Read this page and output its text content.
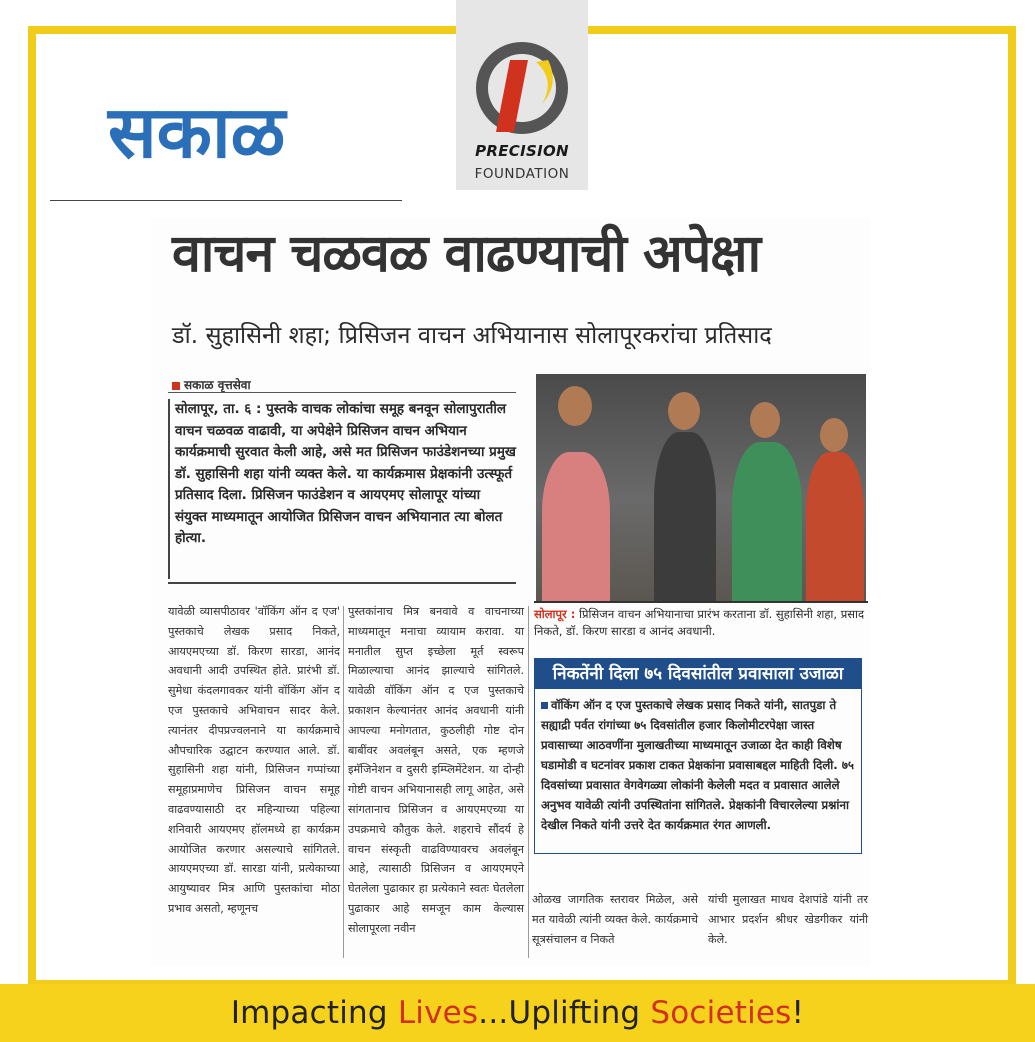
PRECISION
FOUNDATION
सकाळ
वाचन चळवळ वाढण्याची अपेक्षा
डॉ. सुहासिनी शहा; प्रिसिजन वाचन अभियानास सोलापूरकरांचा प्रतिसाद
सकाळ वृत्तसेवा
सोलापूर, ता. ६ : पुस्तके वाचक लोकांचा समूह बनवून सोलापुरातील वाचन चळवळ वाढावी, या अपेक्षेने प्रिसिजन वाचन अभियान कार्यक्रमाची सुरवात केली आहे, असे मत प्रिसिजन फाउंडेशनच्या प्रमुख डॉ. सुहासिनी शहा यांनी व्यक्त केले. या कार्यक्रमास प्रेक्षकांनी उत्स्फूर्त प्रतिसाद दिला. प्रिसिजन फाउंडेशन व आयएमए सोलापूर यांच्या संयुक्त माध्यमातून आयोजित प्रिसिजन वाचन अभियानात त्या बोलत होत्या.
सोलापूर : प्रिसिजन वाचन अभियानाचा प्रारंभ करताना डॉ. सुहासिनी शहा, प्रसाद निकते, डॉ. किरण सारडा व आनंद अवधानी.
निकतेंनी दिला ७५ दिवसांतील प्रवासाला उजाळा
वॉकिंग ऑन द एज पुस्तकाचे लेखक प्रसाद निकते यांनी, सातपुडा ते सह्याद्री पर्वत रांगांच्या ७५ दिवसांतील हजार किलोमीटरपेक्षा जास्त प्रवासाच्या आठवणींना मुलाखतीच्या माध्यमातून उजाळा देत काही विशेष घडामोडी व घटनांवर प्रकाश टाकत प्रेक्षकांना प्रवासाबद्दल माहिती दिली. ७५ दिवसांच्या प्रवासात वेगवेगळ्या लोकांनी केलेली मदत व प्रवासात आलेले अनुभव यावेळी त्यांनी उपस्थितांना सांगितले. प्रेक्षकांनी विचारलेल्या प्रश्नांना देखील निकते यांनी उत्तरे देत कार्यक्रमात रंगत आणली.
यावेळी व्यासपीठावर 'वॉकिंग ऑन द एज' पुस्तकाचे लेखक प्रसाद निकते, आयएमएच्या डॉ. किरण सारडा, आनंद अवधानी आदी उपस्थित होते. प्रारंभी डॉ. सुमेधा कंदलगावकर यांनी वॉकिंग ऑन द एज पुस्तकाचे अभिवाचन सादर केले. त्यानंतर दीपप्रज्वलनाने या कार्यक्रमाचे औपचारिक उद्घाटन करण्यात आले. डॉ. सुहासिनी शहा यांनी, प्रिसिजन गप्पांच्या समूहाप्रमाणेच प्रिसिजन वाचन समूह वाढवण्यासाठी दर महिन्याच्या पहिल्या शनिवारी आयएमए हॉलमध्ये हा कार्यक्रम आयोजित करणार असल्याचे सांगितले. आयएमएच्या डॉ. सारडा यांनी, प्रत्येकाच्या आयुष्यावर मित्र आणि पुस्तकांचा मोठा प्रभाव असतो, म्हणूनच
पुस्तकांनाच मित्र बनवावे व वाचनाच्या माध्यमातून मनाचा व्यायाम करावा. या मनातील सुप्त इच्छेला मूर्त स्वरूप मिळाल्याचा आनंद झाल्याचे सांगितले. यावेळी वॉकिंग ऑन द एज पुस्तकाचे प्रकाशन केल्यानंतर आनंद अवधानी यांनी आपल्या मनोगतात, कुठलीही गोष्ट दोन बाबींवर अवलंबून असते, एक म्हणजे इमॅजिनेशन व दुसरी इम्प्लिमेंटेशन. या दोन्ही गोष्टी वाचन अभियानासही लागू आहेत, असे सांगतानाच प्रिसिजन व आयएमएच्या या उपक्रमाचे कौतुक केले. शहराचे सौंदर्य हे वाचन संस्कृती वाढविण्यावरच अवलंबून आहे, त्यासाठी प्रिसिजन व आयएमएने घेतलेला पुढाकार हा प्रत्येकाने स्वतः घेतलेला पुढाकार आहे समजून काम केल्यास सोलापूरला नवीन
ओळख जागतिक स्तरावर मिळेल, असे मत यावेळी त्यांनी व्यक्त केले. कार्यक्रमाचे सूत्रसंचालन व निकते
यांची मुलाखत माधव देशपांडे यांनी तर आभार प्रदर्शन श्रीधर खेडगीकर यांनी केले.
Impacting Lives...Uplifting Societies!
